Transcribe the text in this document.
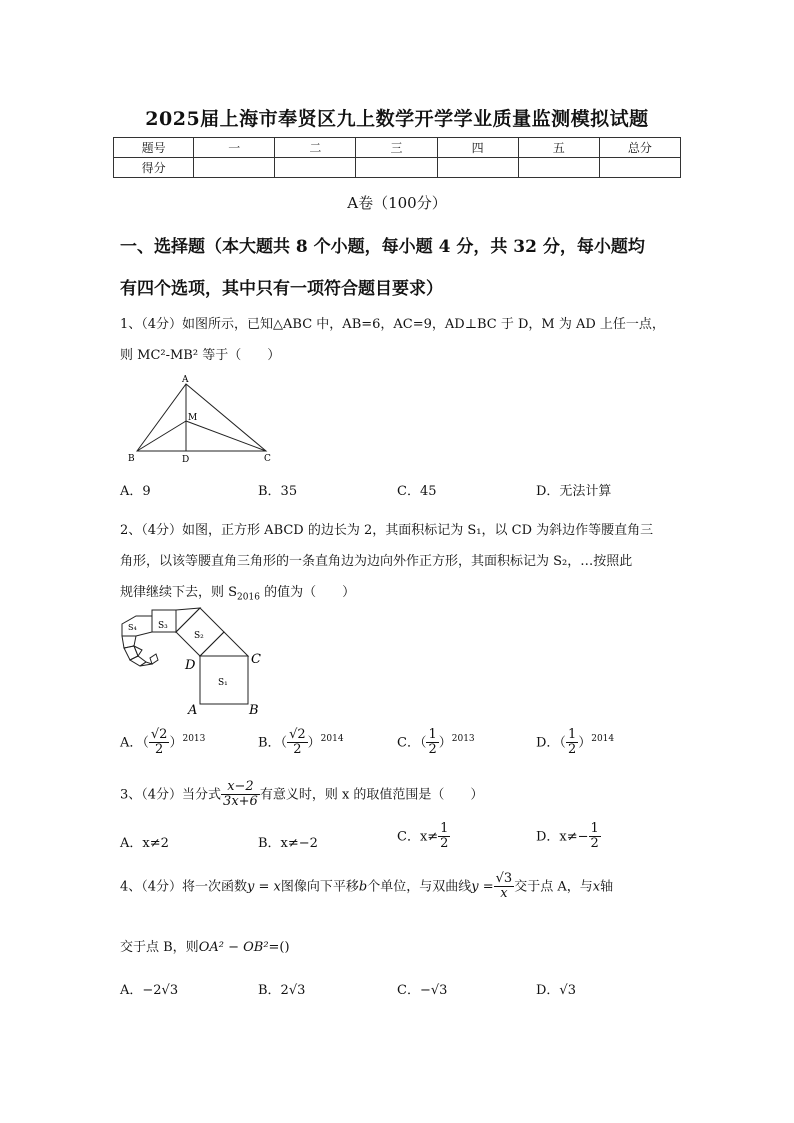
2025届上海市奉贤区九上数学开学学业质量监测模拟试题
题号	一	二	三	四	五	总分
得分						
A卷（100分）
一、选择题（本大题共 8 个小题，每小题 4 分，共 32 分，每小题均
有四个选项，其中只有一项符合题目要求）
1、（4分）如图所示，已知△ABC 中，AB=6，AC=9，AD⊥BC 于 D，M 为 AD 上任一点，
则 MC²-MB² 等于（　　）
A
M
B	D	C
A．9	B．35	C．45	D．无法计算
2、（4分）如图，正方形 ABCD 的边长为 2，其面积标记为 S₁，以 CD 为斜边作等腰直角三
角形，以该等腰直角三角形的一条直角边为边向外作正方形，其面积标记为 S₂，…按照此
规律继续下去，则 $S_{2016}$ 的值为（　　）
S₁
S₂
S₃
S₄
D	C
A	B
A．（ $\frac{√2}{2} )^{2013}$	B．（ $\frac{√2}{2} )^{2014}$	C．（ $\frac{1}{2} )^{2013}$	D．（ $\frac{1}{2} )^{2014}$
3、（4分）当分式 $\frac{x-2}{3x+6}$ 有意义时，则 x 的取值范围是（　　）
A．x≠2	B．x≠−2	C．$x\ne \frac{1}{2}$	D．$x\ne- \frac{1}{2}$
4、（4分）将一次函数y = x图像向下平移b个单位，与双曲线$y = \frac{√3}{x}$ 交于点 A，与x轴
交于点 B，则OA² − OB²=()
A．−2√3	B．2√3	C．−√3	D．√3
